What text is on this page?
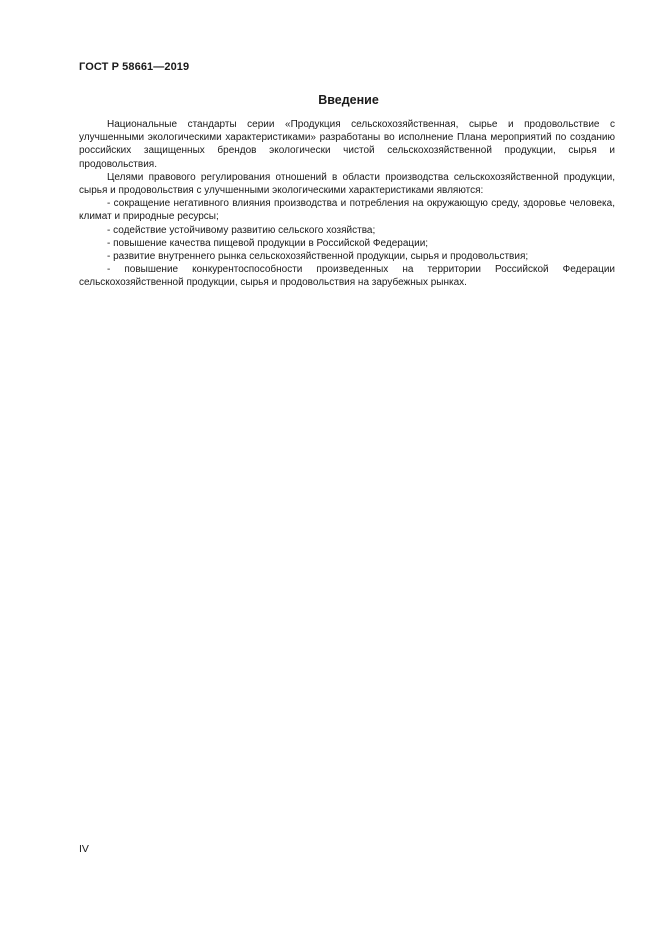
ГОСТ Р 58661—2019
Введение

Национальные стандарты серии «Продукция сельскохозяйственная, сырье и продовольствие с улучшенными экологическими характеристиками» разработаны во исполнение Плана мероприятий по созданию российских защищенных брендов экологически чистой сельскохозяйственной продукции, сырья и продовольствия.

Целями правового регулирования отношений в области производства сельскохозяйственной продукции, сырья и продовольствия с улучшенными экологическими характеристиками являются:

- сокращение негативного влияния производства и потребления на окружающую среду, здоровье человека, климат и природные ресурсы;

- содействие устойчивому развитию сельского хозяйства;

- повышение качества пищевой продукции в Российской Федерации;

- развитие внутреннего рынка сельскохозяйственной продукции, сырья и продовольствия;

- повышение конкурентоспособности произведенных на территории Российской Федерации сельскохозяйственной продукции, сырья и продовольствия на зарубежных рынках.

IV
